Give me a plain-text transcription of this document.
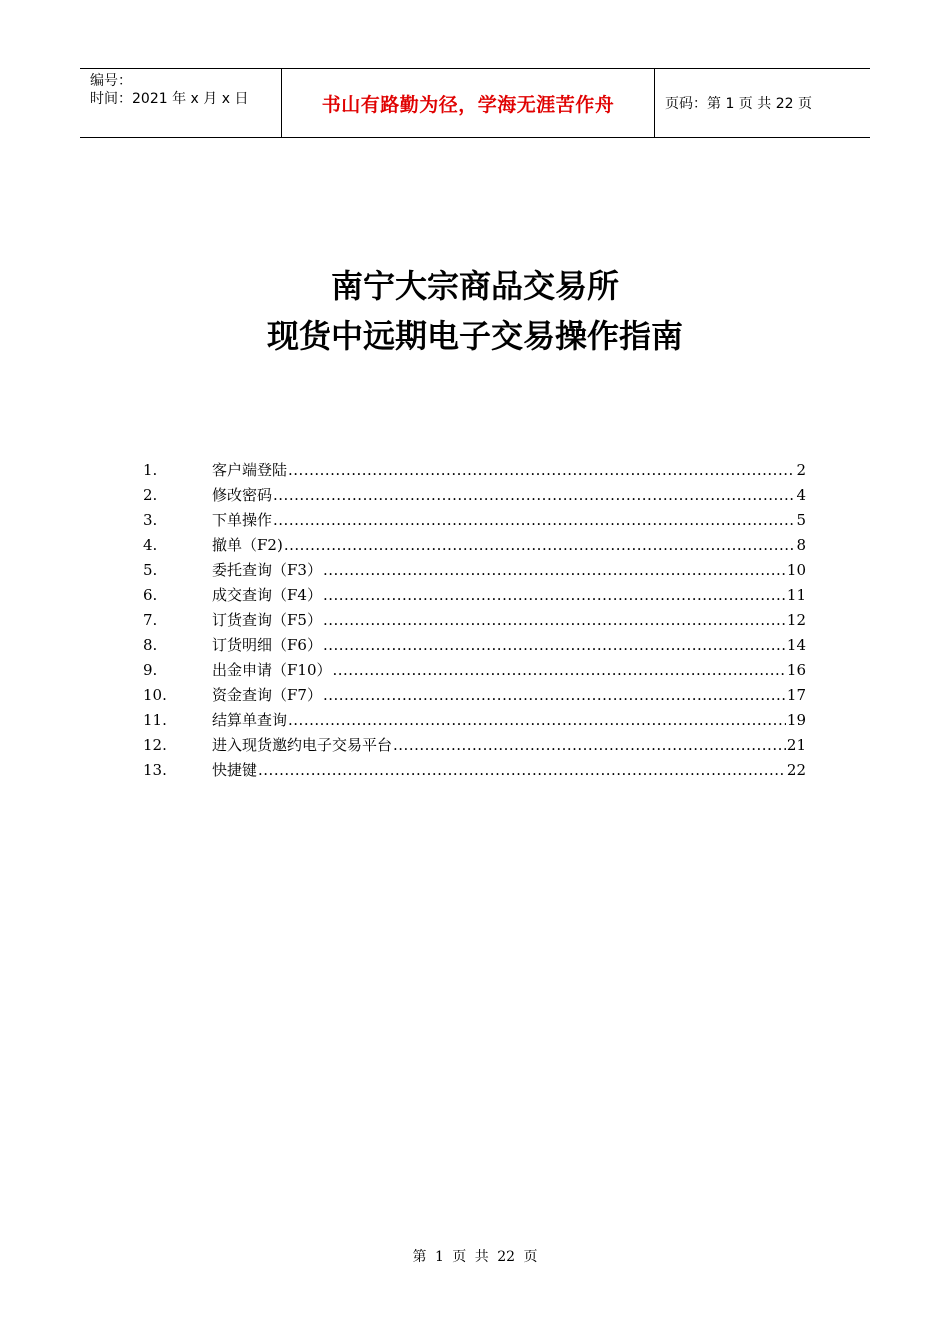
编号：
时间：2021 年 x 月 x 日	书山有路勤为径，学海无涯苦作舟	页码：第 1 页 共 22 页
南宁大宗商品交易所
现货中远期电子交易操作指南
1.	客户端登陆 .....	2
2.	修改密码 .....	4
3.	下单操作 .....	5
4.	撤单（F2) .....	8
5.	委托查询（F3） .....	10
6.	成交查询（F4） .....	11
7.	订货查询（F5） .....	12
8.	订货明细（F6） .....	14
9.	出金申请（F10） .....	16
10.	资金查询（F7） .....	17
11.	结算单查询 .....	19
12.	进入现货邀约电子交易平台 .....	21
13.	快捷键 .....	22
第 1 页 共 22 页
